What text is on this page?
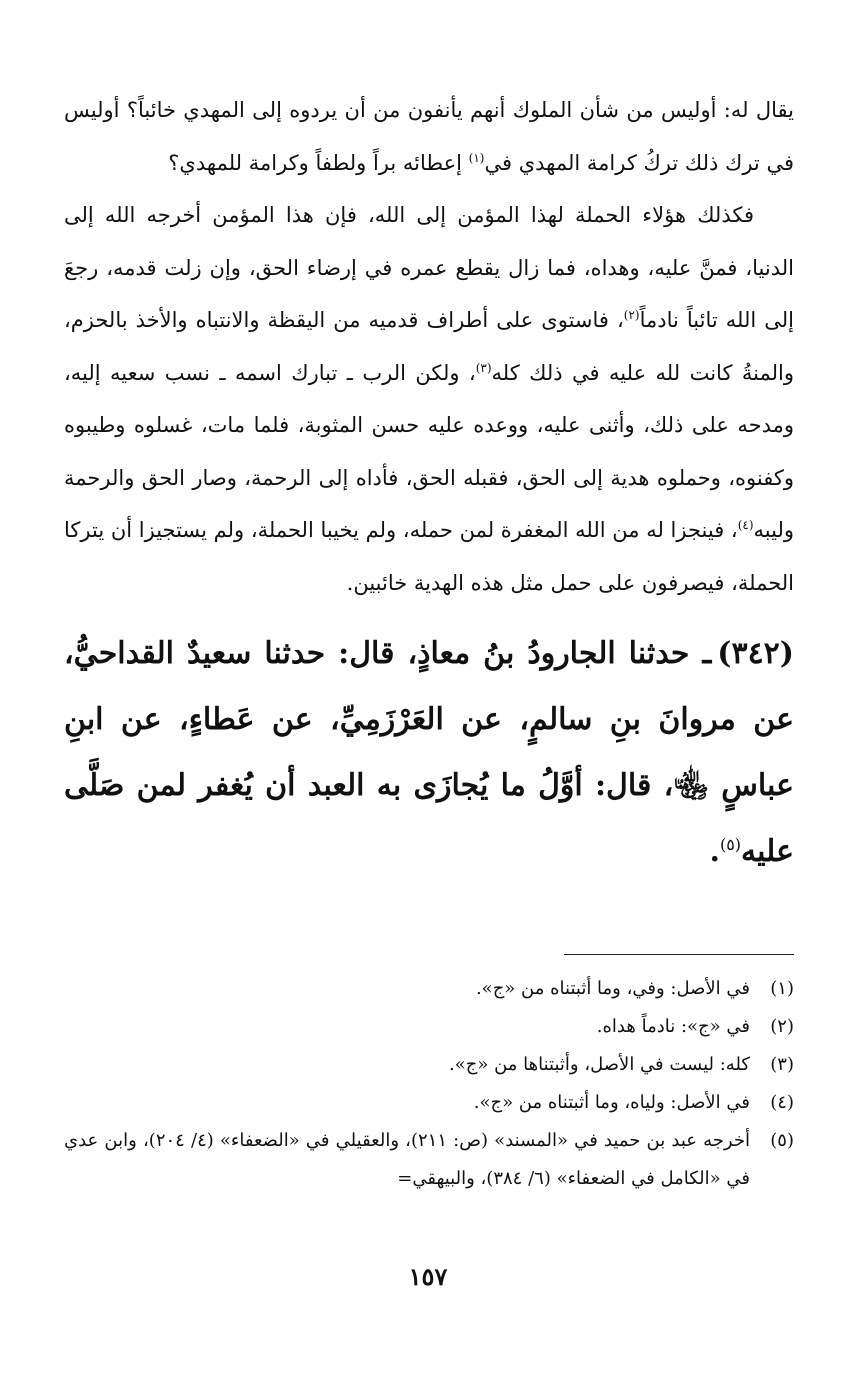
يقال له: أوليس من شأن الملوك أنهم يأنفون من أن يردوه إلى المهدي خائباً؟ أوليس في ترك ذلك تركُ كرامة المهدي في$^{(١)}$ إعطائه براً ولطفاً وكرامة للمهدي؟

فكذلك هؤلاء الحملة لهذا المؤمن إلى الله، فإن هذا المؤمن أخرجه الله إلى الدنيا، فمنَّ عليه، وهداه، فما زال يقطع عمره في إرضاء الحق، وإن زلت قدمه، رجعَ إلى الله تائباً نادماً$^{(٢)}$، فاستوى على أطراف قدميه من اليقظة والانتباه والأخذ بالحزم، والمنةُ كانت لله عليه في ذلك كله$^{(٣)}$، ولكن الرب ـ تبارك اسمه ـ نسب سعيه إليه، ومدحه على ذلك، وأثنى عليه، ووعده عليه حسن المثوبة، فلما مات، غسلوه وطيبوه وكفنوه، وحملوه هدية إلى الحق، فقبله الحق، فأداه إلى الرحمة، وصار الحق والرحمة وليبه$^{(٤)}$، فينجزا له من الله المغفرة لمن حمله، ولم يخيبا الحملة، ولم يستجيزا أن يتركا الحملة، فيصرفون على حمل مثل هذه الهدية خائبين.

(٣٤٢)ـ حدثنا الجارودُ بنُ معاذٍ، قال: حدثنا سعيدٌ القداحيُّ، عن مروانَ بنِ سالمٍ، عن العَرْزَمِيِّ، عن عَطاءٍ، عن ابنِ عباسٍ ﵄، قال: أوَّلُ ما يُجازَى به العبد أن يُغفر لمن صَلَّى عليه$^{(٥)}$.

(١)
في الأصل: وفي، وما أثبتناه من «ج».
(٢)
في «ج»: نادماً هداه.
(٣)
كله: ليست في الأصل، وأثبتناها من «ج».
(٤)
في الأصل: ولياه، وما أثبتناه من «ج».
(٥)
أخرجه عبد بن حميد في «المسند» (ص: ٢١١)، والعقيلي في «الضعفاء» (٤/ ٢٠٤)، وابن عدي في «الكامل في الضعفاء» (٦/ ٣٨٤)، والبيهقي=
١٥٧
